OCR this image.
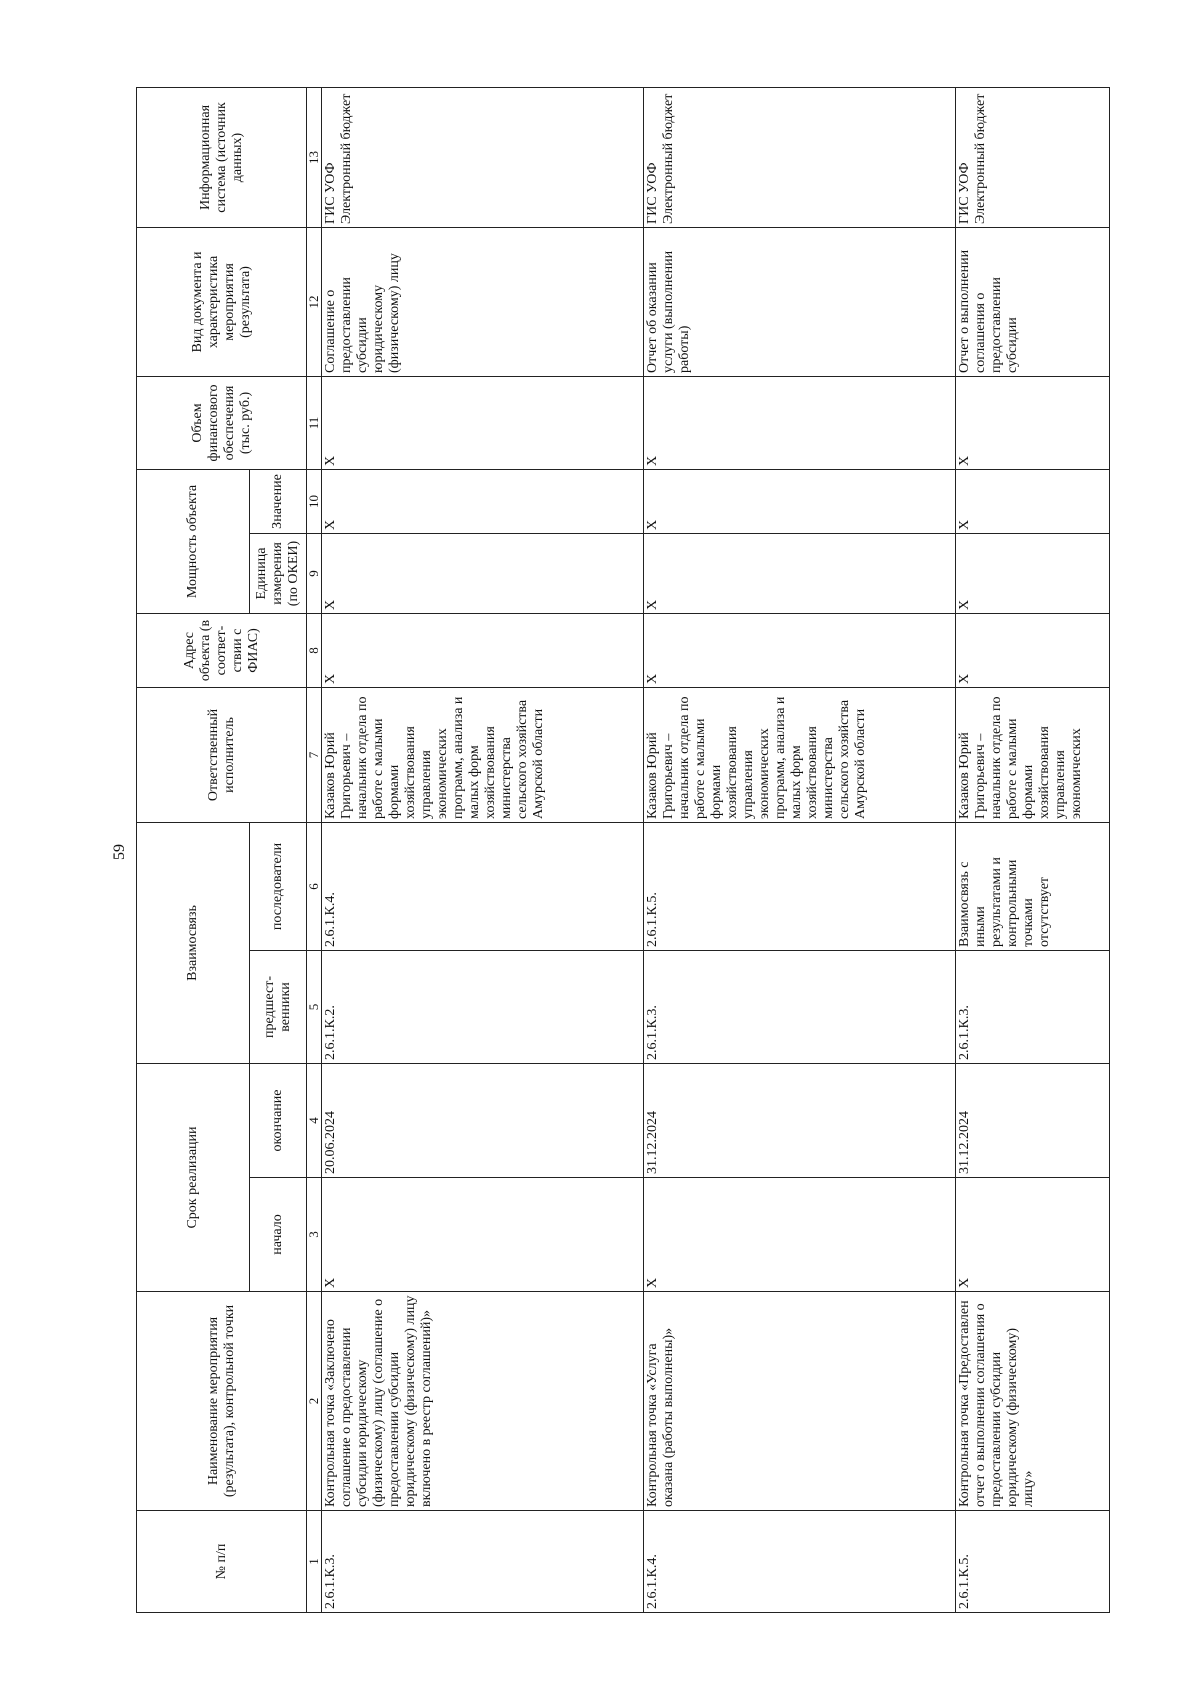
59
№ п/п	Наименование мероприятия (результата), контрольной точки	Срок реализации		Взаимосвязь		Ответственный исполнитель	Адрес объекта (в соответ-ствии с ФИАС)	Мощность объекта		Объем финансового обеспечения (тыс. руб.)	Вид документа и характеристика мероприятия (результата)	Информационная система (источник данных)
		начало	окончание	предшест-венники	последователи			Единица измерения (по ОКЕИ)	Значение			
1	2	3	4	5	6	7	8	9	10	11	12	13
2.6.1.К.3.	Контрольная точка «Заключено соглашение о предоставлении субсидии юридическому (физическому) лицу (соглашение о предоставлении субсидии юридическому (физическому) лицу включено в реестр соглашений)»	X	20.06.2024	2.6.1.К.2.	2.6.1.К.4.	Казаков Юрий Григорьевич – начальник отдела по работе с малыми формами хозяйствования управления экономических программ, анализа и малых форм хозяйствования министерства сельского хозяйства Амурской области	X	X	X	X	Соглашение о предоставлении субсидии юридическому (физическому) лицу	ГИС УОФ Электронный бюджет
2.6.1.К.4.	Контрольная точка «Услуга оказана (работы выполнены)»	X	31.12.2024	2.6.1.К.3.	2.6.1.К.5.	Казаков Юрий Григорьевич – начальник отдела по работе с малыми формами хозяйствования управления экономических программ, анализа и малых форм хозяйствования министерства сельского хозяйства Амурской области	X	X	X	X	Отчет об оказании услуги (выполнении работы)	ГИС УОФ Электронный бюджет
2.6.1.К.5.	Контрольная точка «Предоставлен отчет о выполнении соглашения о предоставлении субсидии юридическому (физическому) лицу»	X	31.12.2024	2.6.1.К.3.	Взаимосвязь с иными результатами и контрольными точками отсутствует	Казаков Юрий Григорьевич – начальник отдела по работе с малыми формами хозяйствования управления экономических	X	X	X	X	Отчет о выполнении соглашения о предоставлении субсидии	ГИС УОФ Электронный бюджет
